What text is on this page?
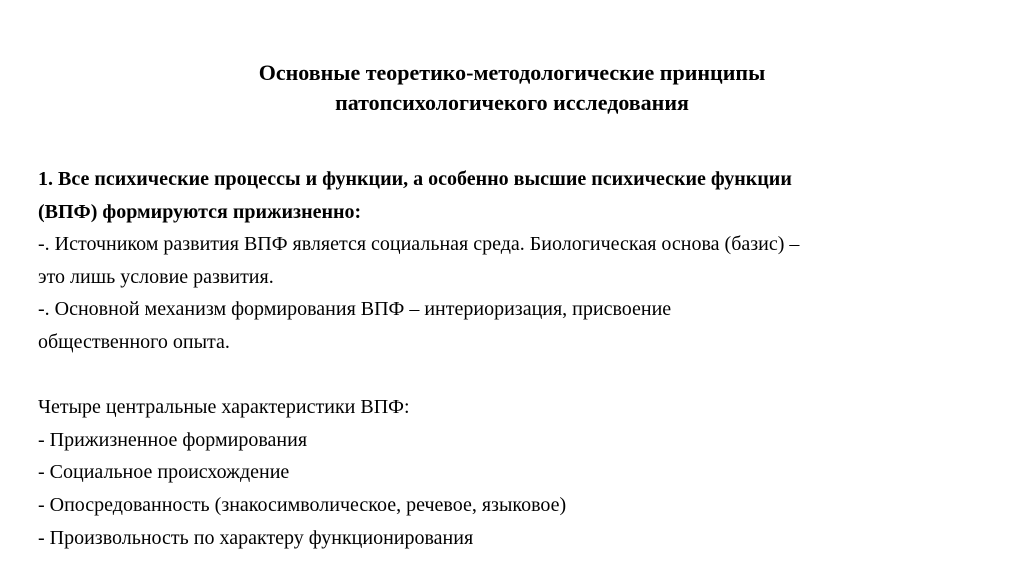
Основные теоретико-методологические принципы
патопсихологичекого исследования
1. Все психические процессы и функции, а особенно высшие психические функции
(ВПФ) формируются прижизненно:
-. Источником развития ВПФ является социальная среда. Биологическая основа (базис) –
это лишь условие развития.
-. Основной механизм формирования ВПФ – интериоризация, присвоение
общественного опыта.
Четыре центральные характеристики ВПФ:
- Прижизненное формирования
- Социальное происхождение
- Опосредованность (знакосимволическое, речевое, языковое)
- Произвольность по характеру функционирования
